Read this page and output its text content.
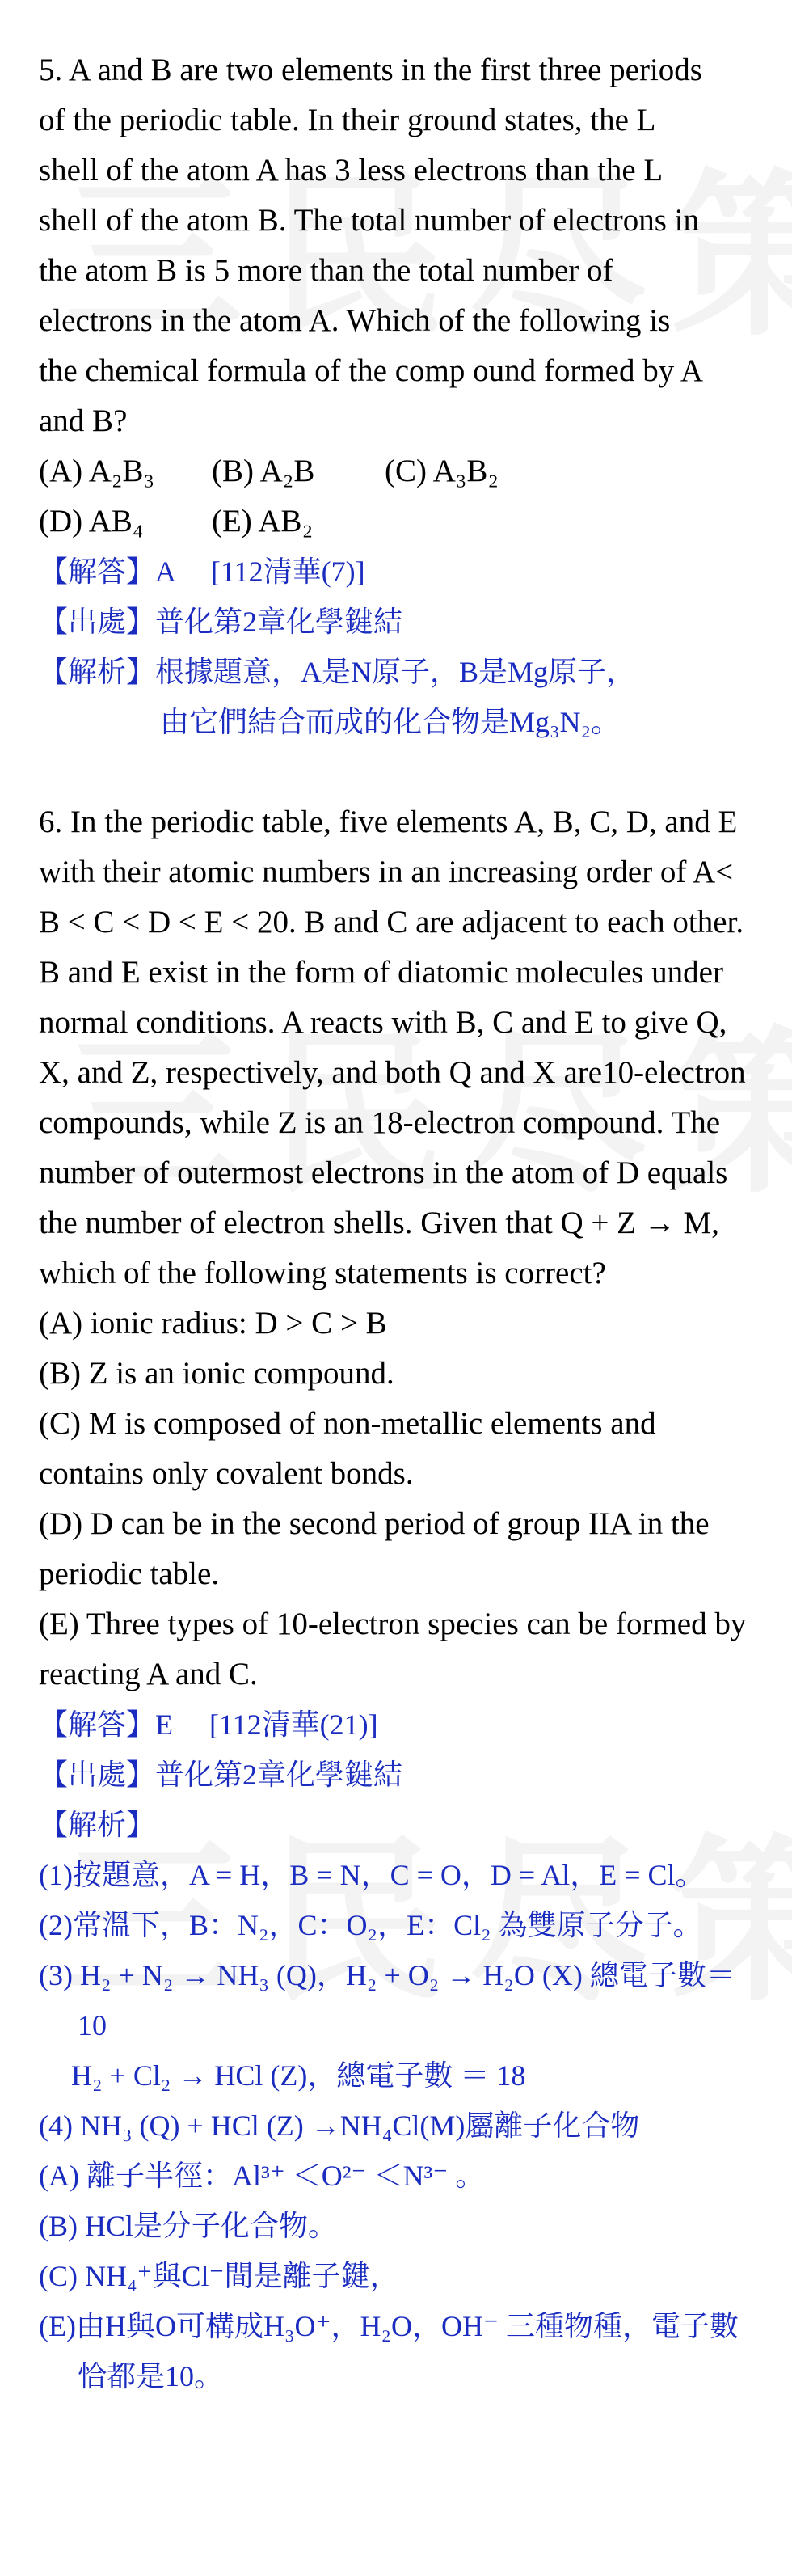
5. A and B are two elements in the first three periods

of the periodic table. In their ground states, the L

shell of the atom A has 3 less electrons than the L

shell of the atom B. The total number of electrons in

the atom B is 5 more than the total number of

electrons in the atom A. Which of the following is

the chemical formula of the comp ound formed by A

and B?

(A) A₂B₃	(B) A₂B	(C) A₃B₂
(D) AB₄	(E) AB₂

【解答】A　 [112清華(7)]

【出處】普化第2章化學鍵結

【解析】根據題意，A是N原子，B是Mg原子，

由它們結合而成的化合物是Mg₃N₂。

6. In the periodic table, five elements A, B, C, D, and E with their atomic numbers in an increasing order of A< B < C < D < E < 20. B and C are adjacent to each other. B and E exist in the form of diatomic molecules under normal conditions. A reacts with B, C and E to give Q, X, and Z, respectively, and both Q and X are10-electron compounds, while Z is an 18-electron compound. The number of outermost electrons in the atom of D equals the number of electron shells. Given that Q + Z → M, which of the following statements is correct?

(A) ionic radius: D > C > B

(B) Z is an ionic compound.

(C) M is composed of non-metallic elements and contains only covalent bonds.

(D) D can be in the second period of group IIA in the periodic table.

(E) Three types of 10-electron species can be formed by reacting A and C.

【解答】E　 [112清華(21)]

【出處】普化第2章化學鍵結

【解析】

(1)按題意，A = H，B = N，C = O，D = Al，E = Cl。

(2)常溫下，B：N₂，C：O₂，E：Cl₂ 為雙原子分子。

(3) H₂ + N₂ → NH₃ (Q)，H₂ + O₂ → H₂O (X) 總電子數＝10

H₂ + Cl₂ → HCl (Z)，總電子數 ＝ 18

(4) NH₃ (Q) + HCl (Z) →NH₄Cl(M)屬離子化合物

(A) 離子半徑：Al³⁺ ＜O²⁻ ＜N³⁻ 。

(B) HCl是分子化合物。

(C) NH₄⁺與Cl⁻間是離子鍵，

(E)由H與O可構成H₃O⁺，H₂O，OH⁻ 三種物種，電子數恰都是10。
